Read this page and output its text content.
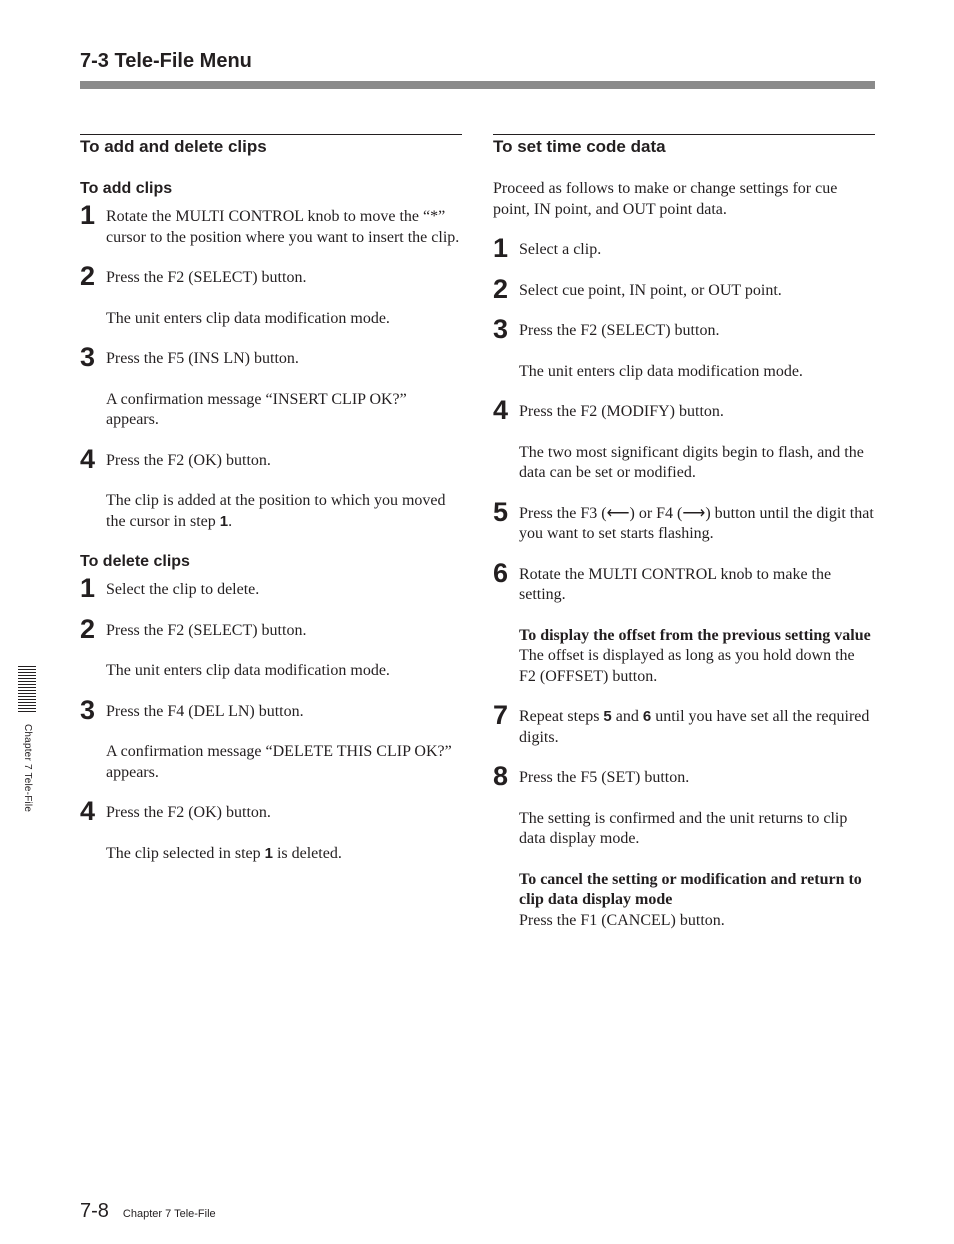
7-3 Tele-File Menu
To add and delete clips
To add clips
1 Rotate the MULTI CONTROL knob to move the “*” cursor to the position where you want to insert the clip.
2 Press the F2 (SELECT) button.
The unit enters clip data modification mode.
3 Press the F5 (INS LN) button.
A confirmation message “INSERT CLIP OK?” appears.
4 Press the F2 (OK) button.
The clip is added at the position to which you moved the cursor in step 1.
To delete clips
1 Select the clip to delete.
2 Press the F2 (SELECT) button.
The unit enters clip data modification mode.
3 Press the F4 (DEL LN) button.
A confirmation message “DELETE THIS CLIP OK?” appears.
4 Press the F2 (OK) button.
The clip selected in step 1 is deleted.
To set time code data
Proceed as follows to make or change settings for cue point, IN point, and OUT point data.
1 Select a clip.
2 Select cue point, IN point, or OUT point.
3 Press the F2 (SELECT) button.
The unit enters clip data modification mode.
4 Press the F2 (MODIFY) button.
The two most significant digits begin to flash, and the data can be set or modified.
5 Press the F3 (⟵) or F4 (⟶) button until the digit that you want to set starts flashing.
6 Rotate the MULTI CONTROL knob to make the setting.
To display the offset from the previous setting value
The offset is displayed as long as you hold down the F2 (OFFSET) button.
7 Repeat steps 5 and 6 until you have set all the required digits.
8 Press the F5 (SET) button.
The setting is confirmed and the unit returns to clip data display mode.
To cancel the setting or modification and return to clip data display mode
Press the F1 (CANCEL) button.
Chapter 7 Tele-File
7-8 Chapter 7 Tele-File
